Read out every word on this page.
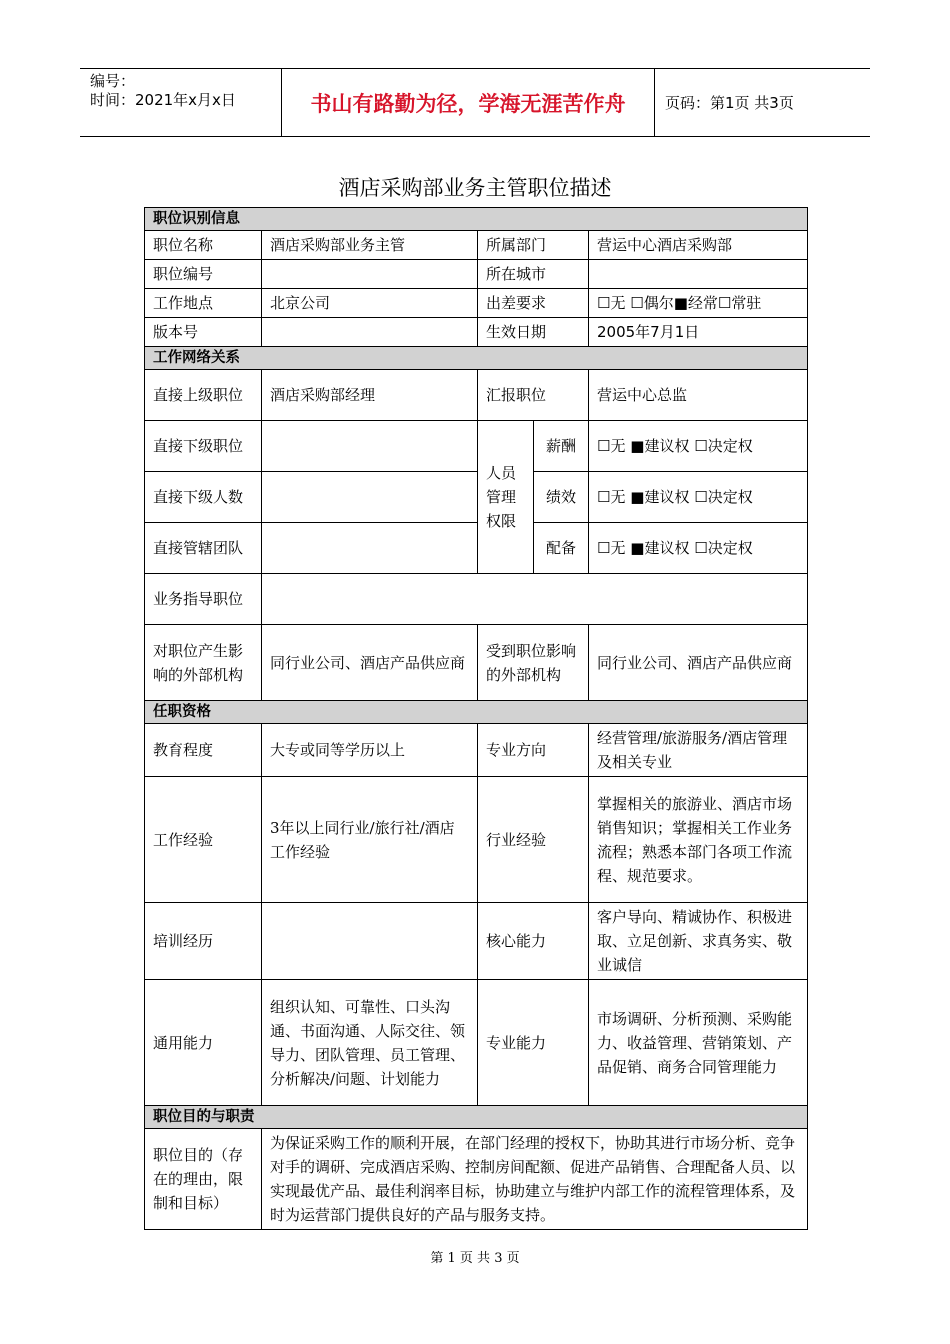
编号：
时间：2021年x月x日	书山有路勤为径，学海无涯苦作舟	页码：第1页 共3页
酒店采购部业务主管职位描述
职位识别信息				
职位名称	酒店采购部业务主管	所属部门		营运中心酒店采购部
职位编号		所在城市		
工作地点	北京公司	出差要求		☐无 ☐偶尔■经常☐常驻
版本号		生效日期		2005年7月1日
工作网络关系				
直接上级职位	酒店采购部经理	汇报职位		营运中心总监
直接下级职位		人员管理权限	薪酬	☐无 ■建议权 ☐决定权
直接下级人数			绩效	☐无 ■建议权 ☐决定权
直接管辖团队			配备	☐无 ■建议权 ☐决定权
业务指导职位				
对职位产生影响的外部机构	同行业公司、酒店产品供应商	受到职位影响的外部机构		同行业公司、酒店产品供应商
任职资格				
教育程度	大专或同等学历以上	专业方向		经营管理/旅游服务/酒店管理及相关专业
工作经验	3年以上同行业/旅行社/酒店工作经验	行业经验		掌握相关的旅游业、酒店市场销售知识；掌握相关工作业务流程；熟悉本部门各项工作流程、规范要求。
培训经历		核心能力		客户导向、精诚协作、积极进取、立足创新、求真务实、敬业诚信
通用能力	组织认知、可靠性、口头沟通、书面沟通、人际交往、领导力、团队管理、员工管理、分析解决/问题、计划能力	专业能力		市场调研、分析预测、采购能力、收益管理、营销策划、产品促销、商务合同管理能力
职位目的与职责				
职位目的（存在的理由，限制和目标）	为保证采购工作的顺利开展，在部门经理的授权下，协助其进行市场分析、竞争对手的调研、完成酒店采购、控制房间配额、促进产品销售、合理配备人员、以实现最优产品、最佳利润率目标，协助建立与维护内部工作的流程管理体系，及时为运营部门提供良好的产品与服务支持。			
第 1 页 共 3 页
